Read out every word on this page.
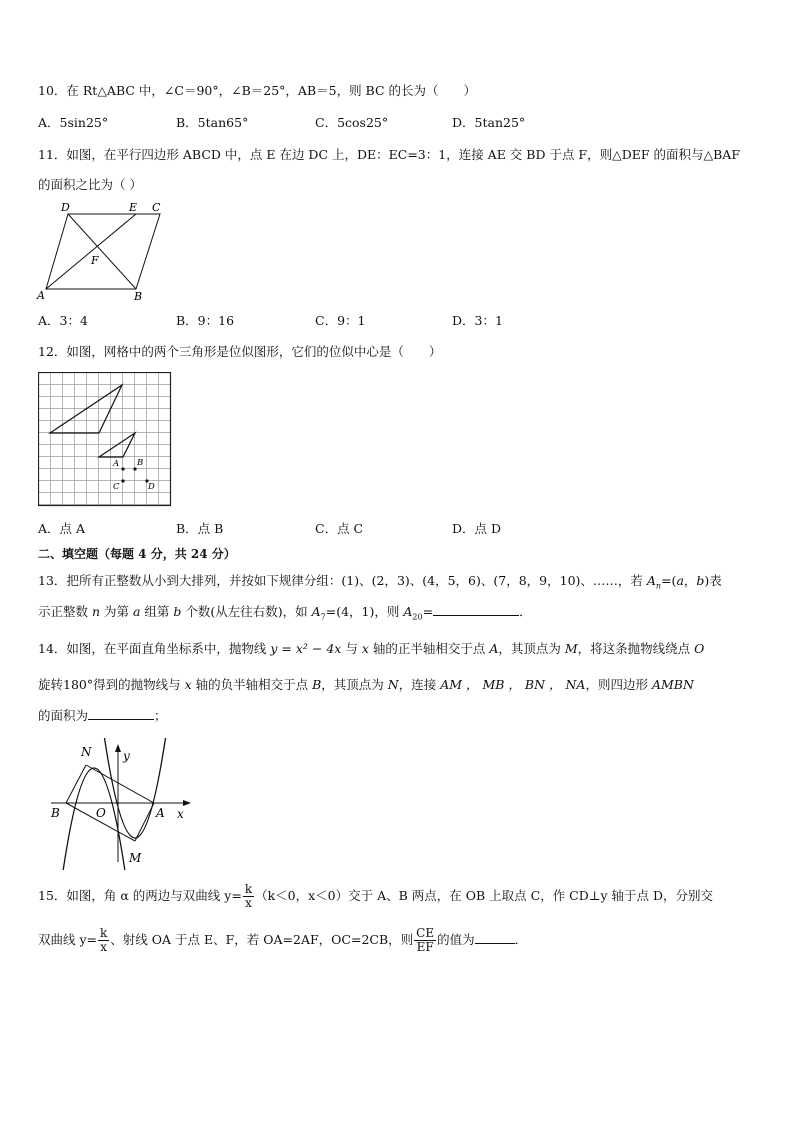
10．在 Rt△ABC 中，∠C＝90°，∠B＝25°，AB＝5，则 BC 的长为（　　）
A．5sin25°	B．5tan65°	C．5cos25°	D．5tan25°
11．如图，在平行四边形 ABCD 中，点 E 在边 DC 上，DE：EC=3：1，连接 AE 交 BD 于点 F，则△DEF 的面积与△BAF
的面积之比为（ ）
D	E C
F
A	B
A．3：4	B．9：16	C．9：1	D．3：1
12．如图，网格中的两个三角形是位似图形，它们的位似中心是（　　）
A B
C	D
A．点 A	B．点 B	C．点 C	D．点 D
二、填空题（每题 4 分，共 24 分）
13．把所有正整数从小到大排列，并按如下规律分组：(1)、(2，3)、(4，5，6)、(7，8，9，10)、……，若 $A_n=(a$，b)表
示正整数 n 为第 a 组第 b 个数(从左往右数)，如 $A_7=(4$，1)，则 $A_{20}=$	．
14．如图，在平面直角坐标系中，抛物线 y = x² − 4x 与 x 轴的正半轴相交于点 A，其顶点为 M，将这条抛物线绕点 O
旋转180°得到的抛物线与 x 轴的负半轴相交于点 B，其顶点为 N，连接 AM ， MB ， BN ， NA，则四边形 AMBN
的面积为	；
N	y
B	O	A x
M
15．如图，角 α 的两边与双曲线 $y= \frac{k}{x} (k<0$，x＜0）交于 A、B 两点，在 OB 上取点 C，作 CD⊥y 轴于点 D，分别交
双曲线 $y= \frac{k}{x}$ 、射线 OA 于点 E、F，若 OA=2AF，OC=2CB，则 $\frac{CE}{EF}$ 的值为	．
